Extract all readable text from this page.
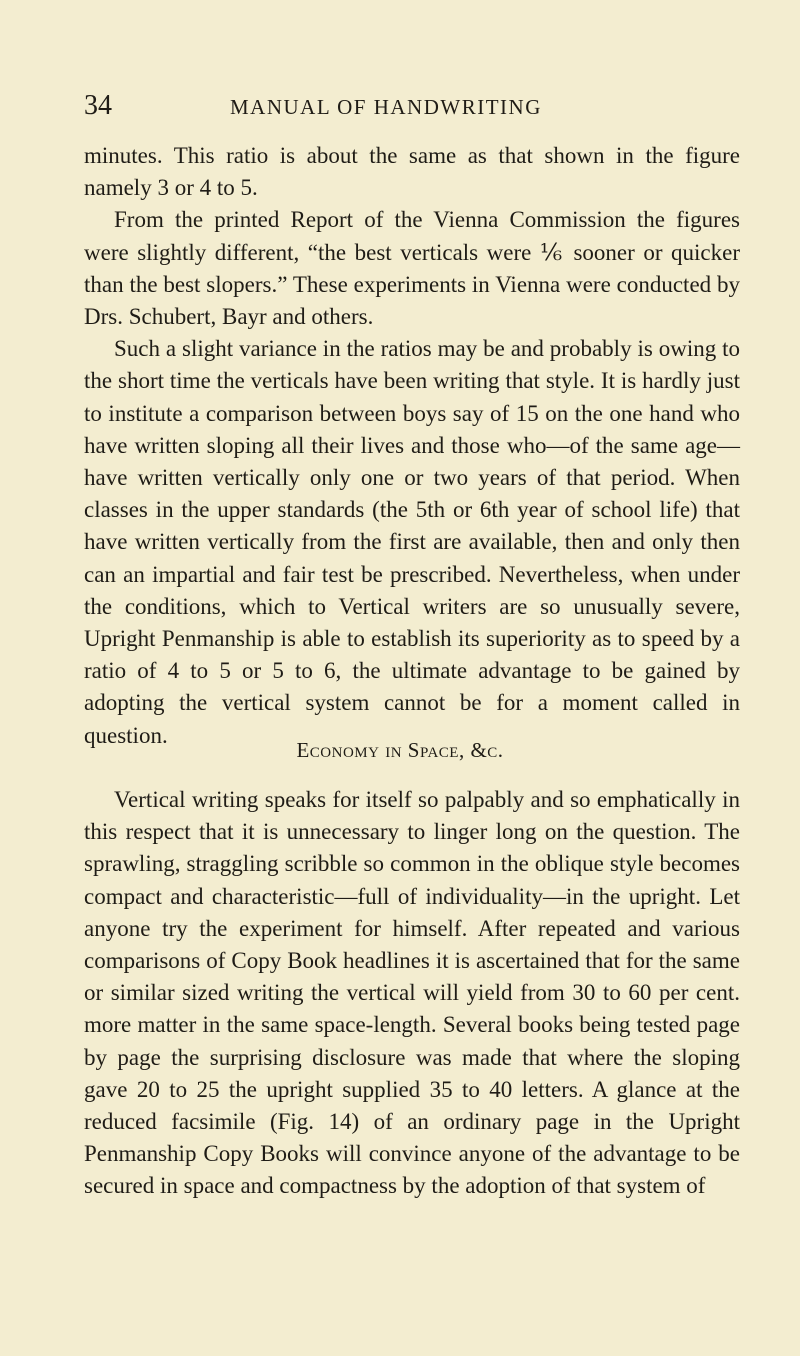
34	MANUAL OF HANDWRITING

minutes. This ratio is about the same as that shown in the figure namely 3 or 4 to 5.

From the printed Report of the Vienna Commission the figures were slightly different, “the best verticals were ⅙ sooner or quicker than the best slopers.” These experiments in Vienna were conducted by Drs. Schubert, Bayr and others.

Such a slight variance in the ratios may be and probably is owing to the short time the verticals have been writing that style. It is hardly just to institute a comparison between boys say of 15 on the one hand who have written sloping all their lives and those who—of the same age—have written vertically only one or two years of that period. When classes in the upper standards (the 5th or 6th year of school life) that have written vertically from the first are available, then and only then can an impartial and fair test be prescribed. Nevertheless, when under the conditions, which to Vertical writers are so unusually severe, Upright Penmanship is able to establish its superiority as to speed by a ratio of 4 to 5 or 5 to 6, the ultimate advantage to be gained by adopting the vertical system cannot be for a moment called in question.

Economy in Space, &c.

Vertical writing speaks for itself so palpably and so emphatically in this respect that it is unnecessary to linger long on the question. The sprawling, straggling scribble so common in the oblique style becomes compact and characteristic—full of individuality—in the upright. Let anyone try the experiment for himself. After repeated and various comparisons of Copy Book headlines it is ascertained that for the same or similar sized writing the vertical will yield from 30 to 60 per cent. more matter in the same space-length. Several books being tested page by page the surprising disclosure was made that where the sloping gave 20 to 25 the upright supplied 35 to 40 letters. A glance at the reduced facsimile (Fig. 14) of an ordinary page in the Upright Penmanship Copy Books will convince anyone of the advantage to be secured in space and compactness by the adoption of that system of
